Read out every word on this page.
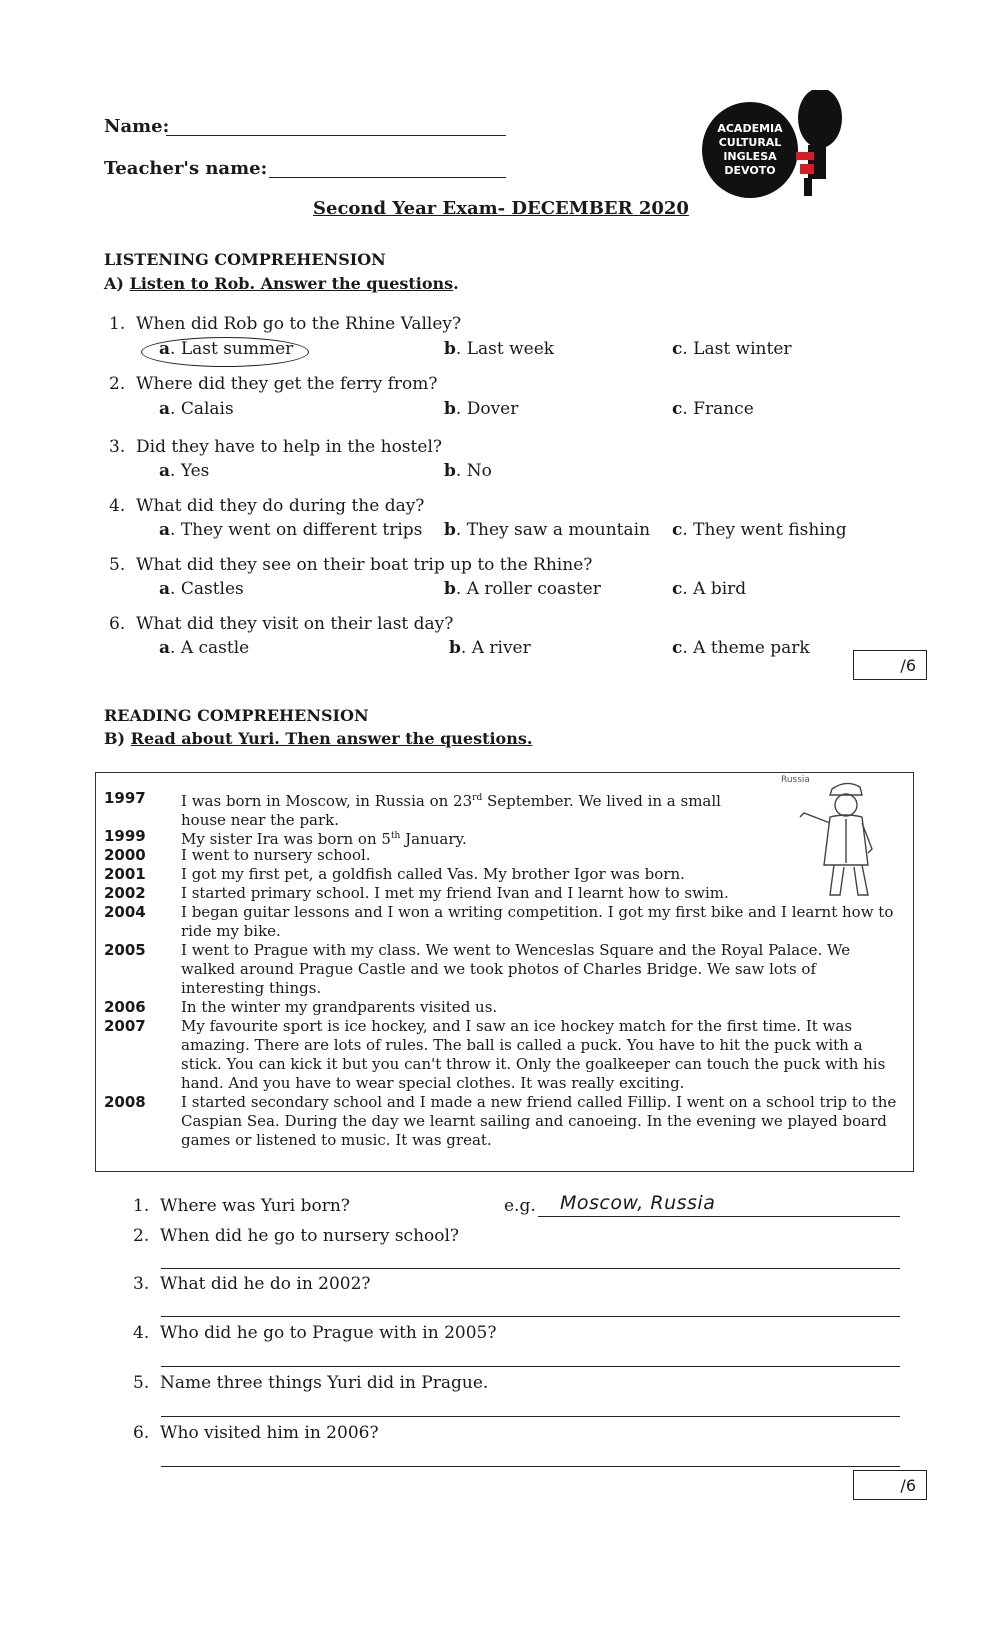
Name:
Teacher's name:
ACADEMIA
CULTURAL
INGLESA
DEVOTO
Second Year Exam- DECEMBER 2020
LISTENING COMPREHENSION
A) Listen to Rob. Answer the questions.
1. When did Rob go to the Rhine Valley?
a. Last summer	b. Last week	c. Last winter
2. Where did they get the ferry from?
a. Calais	b. Dover	c. France
3. Did they have to help in the hostel?
a. Yes	b. No
4. What did they do during the day?
a. They went on different trips b. They saw a mountain c. They went fishing
5. What did they see on their boat trip up to the Rhine?
a. Castles	b. A roller coaster	c. A bird
6. What did they visit on their last day?
a. A castle	b. A river	c. A theme park
/6
READING COMPREHENSION
B) Read about Yuri. Then answer the questions.
Russia
1997 I was born in Moscow, in Russia on 23rd September. We lived in a small house near the park.
1999 My sister Ira was born on 5th January.
2000 I went to nursery school.
2001 I got my first pet, a goldfish called Vas. My brother Igor was born.
2002 I started primary school. I met my friend Ivan and I learnt how to swim.
2004 I began guitar lessons and I won a writing competition. I got my first bike and I learnt how to ride my bike.
2005 I went to Prague with my class. We went to Wenceslas Square and the Royal Palace. We walked around Prague Castle and we took photos of Charles Bridge. We saw lots of interesting things.
2006 In the winter my grandparents visited us.
2007 My favourite sport is ice hockey, and I saw an ice hockey match for the first time. It was amazing. There are lots of rules. The ball is called a puck. You have to hit the puck with a stick. You can kick it but you can't throw it. Only the goalkeeper can touch the puck with his hand. And you have to wear special clothes. It was really exciting.
2008 I started secondary school and I made a new friend called Fillip. I went on a school trip to the Caspian Sea. During the day we learnt sailing and canoeing. In the evening we played board games or listened to music. It was great.
1. Where was Yuri born?	e.g. Moscow, Russia
2. When did he go to nursery school?
3. What did he do in 2002?
4. Who did he go to Prague with in 2005?
5. Name three things Yuri did in Prague.
6. Who visited him in 2006?
/6
